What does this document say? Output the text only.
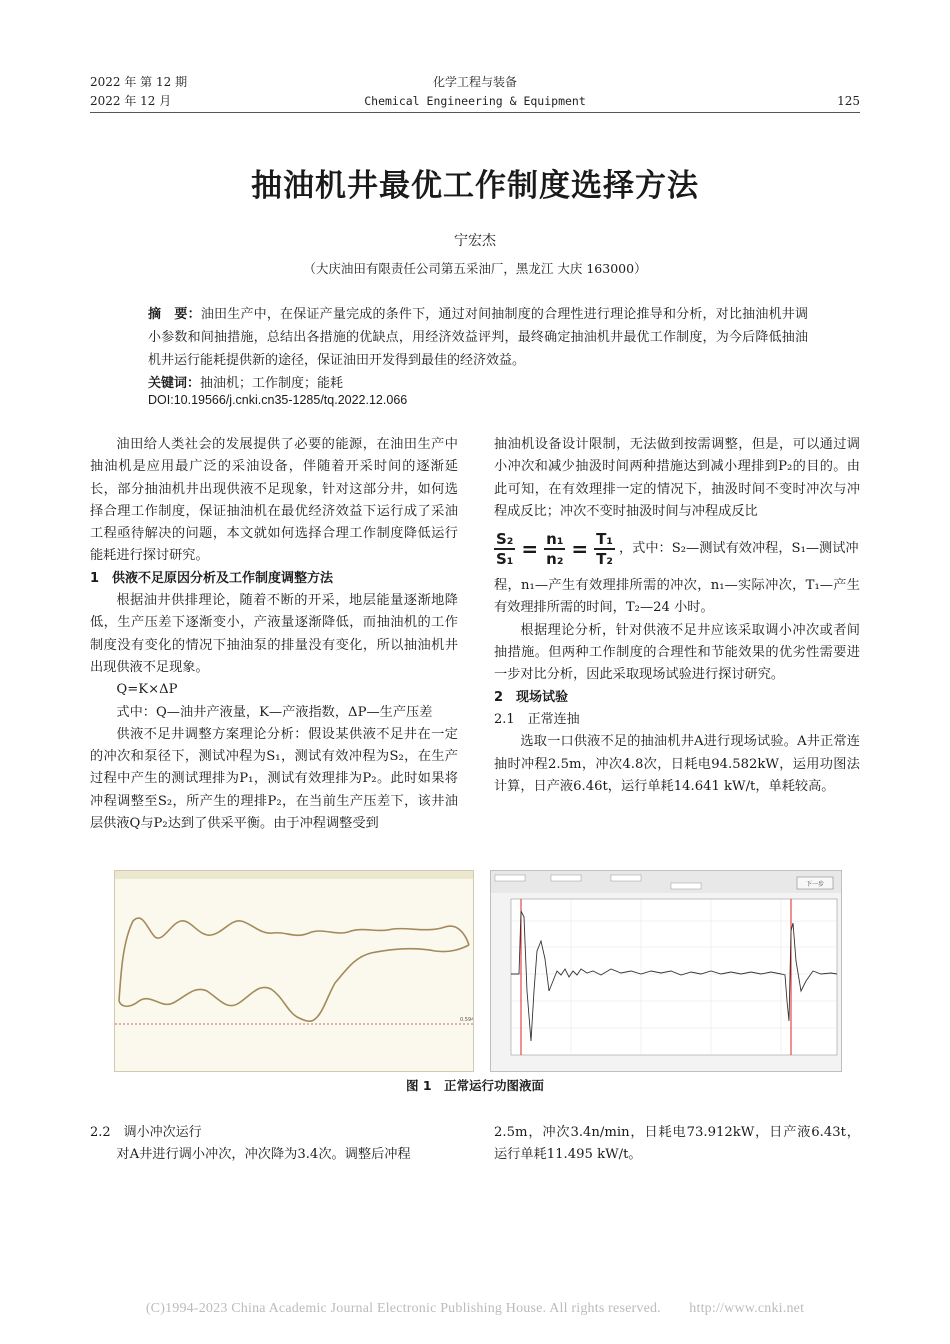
2022 年 第 12 期
2022 年 12 月
化学工程与装备
Chemical Engineering & Equipment	125
抽油机井最优工作制度选择方法
宁宏杰
（大庆油田有限责任公司第五采油厂，黑龙江 大庆 163000）
摘　要：油田生产中，在保证产量完成的条件下，通过对间抽制度的合理性进行理论推导和分析，对比抽油机井调小参数和间抽措施，总结出各措施的优缺点，用经济效益评判，最终确定抽油机井最优工作制度，为今后降低抽油机井运行能耗提供新的途径，保证油田开发得到最佳的经济效益。
关键词：抽油机；工作制度；能耗
DOI:10.19566/j.cnki.cn35-1285/tq.2022.12.066

油田给人类社会的发展提供了必要的能源，在油田生产中抽油机是应用最广泛的采油设备，伴随着开采时间的逐渐延长，部分抽油机井出现供液不足现象，针对这部分井，如何选择合理工作制度，保证抽油机在最优经济效益下运行成了采油工程亟待解决的问题，本文就如何选择合理工作制度降低运行能耗进行探讨研究。

1　供液不足原因分析及工作制度调整方法

根据油井供排理论，随着不断的开采，地层能量逐渐地降低，生产压差下逐渐变小，产液量逐渐降低，而抽油机的工作制度没有变化的情况下抽油泵的排量没有变化，所以抽油机井出现供液不足现象。

Q=K×ΔP

式中：Q—油井产液量，K—产液指数，ΔP—生产压差

供液不足井调整方案理论分析：假设某供液不足井在一定的冲次和泵径下，测试冲程为S₁，测试有效冲程为S₂，在生产过程中产生的测试理排为P₁，测试有效理排为P₂。此时如果将冲程调整至S₂，所产生的理排P₂，在当前生产压差下，该井油层供液Q与P₂达到了供采平衡。由于冲程调整受到

抽油机设备设计限制，无法做到按需调整，但是，可以通过调小冲次和减少抽汲时间两种措施达到减小理排到P₂的目的。由此可知，在有效理排一定的情况下，抽汲时间不变时冲次与冲程成反比；冲次不变时抽汲时间与冲程成反比

$\frac{\text{S₂}}{\text{S₁}} = \frac{\text{n₁}}{\text{n₂}} = \frac{\text{T₁}}{\text{T₂}}$ ，式中：S₂—测试有效冲程，S₁—测试冲

程，n₁—产生有效理排所需的冲次，n₁—实际冲次，T₁—产生有效理排所需的时间，T₂—24 小时。

根据理论分析，针对供液不足井应该采取调小冲次或者间抽措施。但两种工作制度的合理性和节能效果的优劣性需要进一步对比分析，因此采取现场试验进行探讨研究。

2　现场试验
2.1　正常连抽

选取一口供液不足的抽油机井A进行现场试验。A井正常连抽时冲程2.5m，冲次4.8次，日耗电94.582kW，运用功图法计算，日产液6.46t，运行单耗14.641 kW/t，单耗较高。

0.594
下一步
图 1　正常运行功图液面
2.2　调小冲次运行

对A井进行调小冲次，冲次降为3.4次。调整后冲程

2.5m，冲次3.4n/min，日耗电73.912kW，日产液6.43t，运行单耗11.495 kW/t。

(C)1994-2023 China Academic Journal Electronic Publishing House. All rights reserved.　　http://www.cnki.net
